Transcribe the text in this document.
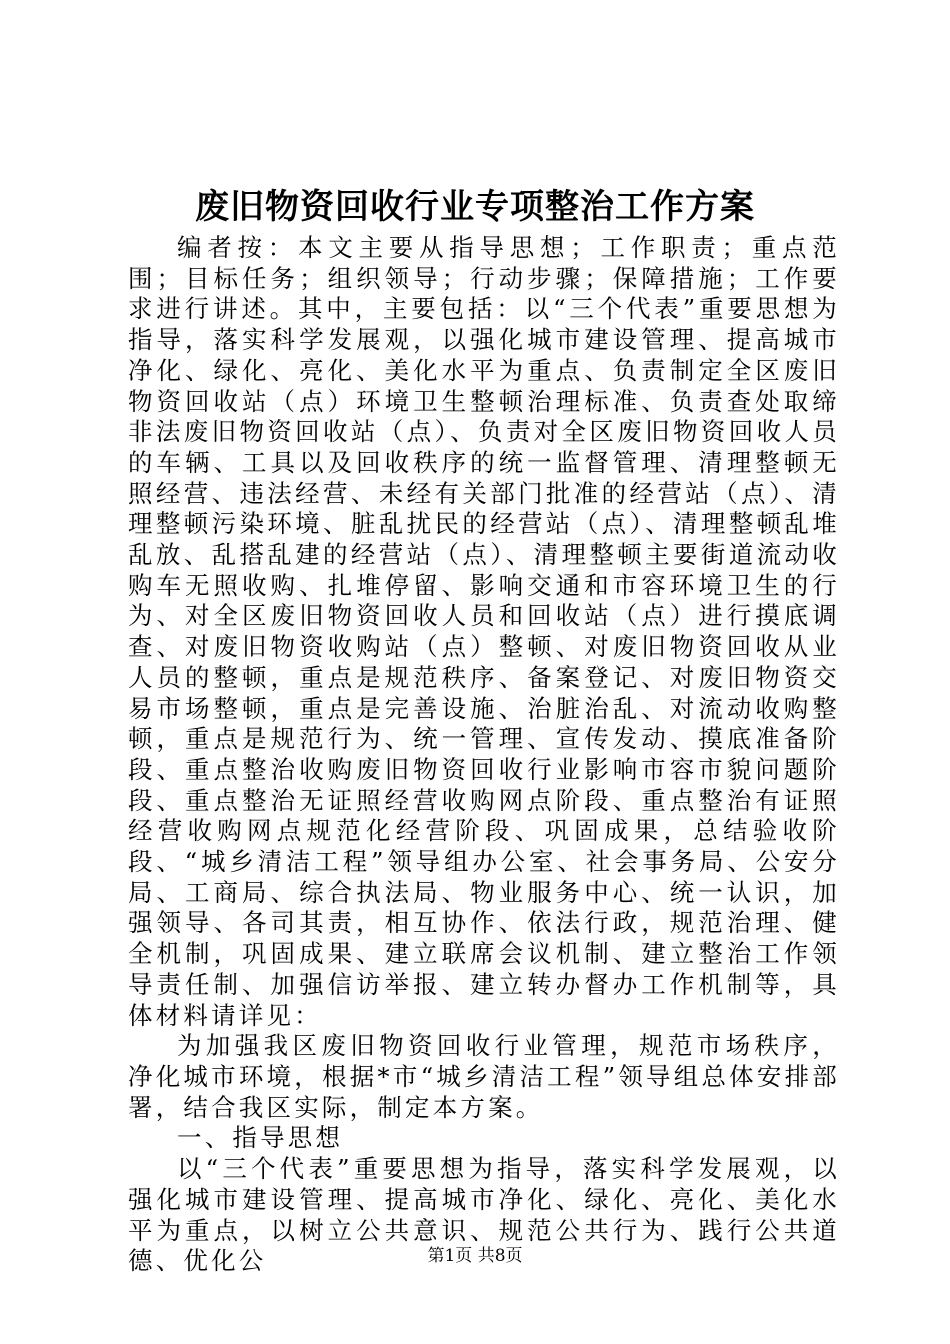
废旧物资回收行业专项整治工作方案

编者按：本文主要从指导思想；工作职责；重点范围；目标任务；组织领导；行动步骤；保障措施；工作要求进行讲述。其中，主要包括：以“三个代表”重要思想为指导，落实科学发展观，以强化城市建设管理、提高城市净化、绿化、亮化、美化水平为重点、负责制定全区废旧物资回收站（点）环境卫生整顿治理标准、负责查处取缔非法废旧物资回收站（点）、负责对全区废旧物资回收人员的车辆、工具以及回收秩序的统一监督管理、清理整顿无照经营、违法经营、未经有关部门批准的经营站（点）、清理整顿污染环境、脏乱扰民的经营站（点）、清理整顿乱堆乱放、乱搭乱建的经营站（点）、清理整顿主要街道流动收购车无照收购、扎堆停留、影响交通和市容环境卫生的行为、对全区废旧物资回收人员和回收站（点）进行摸底调查、对废旧物资收购站（点）整顿、对废旧物资回收从业人员的整顿，重点是规范秩序、备案登记、对废旧物资交易市场整顿，重点是完善设施、治脏治乱、对流动收购整顿，重点是规范行为、统一管理、宣传发动、摸底准备阶段、重点整治收购废旧物资回收行业影响市容市貌问题阶段、重点整治无证照经营收购网点阶段、重点整治有证照经营收购网点规范化经营阶段、巩固成果，总结验收阶段、“城乡清洁工程”领导组办公室、社会事务局、公安分局、工商局、综合执法局、物业服务中心、统一认识，加强领导、各司其责，相互协作、依法行政，规范治理、健全机制，巩固成果、建立联席会议机制、建立整治工作领导责任制、加强信访举报、建立转办督办工作机制等，具体材料请详见：

为加强我区废旧物资回收行业管理，规范市场秩序，净化城市环境，根据*市“城乡清洁工程”领导组总体安排部署，结合我区实际，制定本方案。

一、指导思想

以“三个代表”重要思想为指导，落实科学发展观，以强化城市建设管理、提高城市净化、绿化、亮化、美化水平为重点，以树立公共意识、规范公共行为、践行公共道德、优化公	第1页 共8页
